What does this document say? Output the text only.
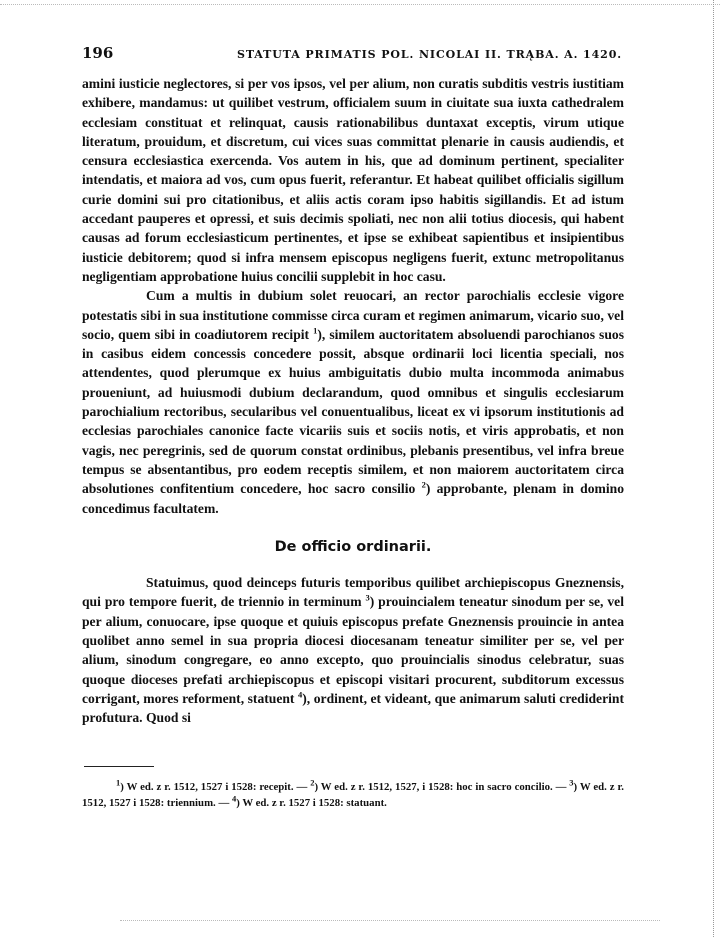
196	STATUTA PRIMATIS POL. NICOLAI II. TRĄBA. A. 1420.

amini iusticie neglectores, si per vos ipsos, vel per alium, non curatis subditis vestris iustitiam exhibere, mandamus: ut quilibet vestrum, officialem suum in ciuitate sua iuxta cathedralem ecclesiam constituat et relinquat, causis rationabilibus duntaxat exceptis, virum utique literatum, prouidum, et discretum, cui vices suas committat plenarie in causis audiendis, et censura ecclesiastica exercenda. Vos autem in his, que ad dominum pertinent, specialiter intendatis, et maiora ad vos, cum opus fuerit, referantur. Et habeat quilibet officialis sigillum curie domini sui pro citationibus, et aliis actis coram ipso habitis sigillandis. Et ad istum accedant pauperes et opressi, et suis decimis spoliati, nec non alii totius diocesis, qui habent causas ad forum ecclesiasticum pertinentes, et ipse se exhibeat sapientibus et insipientibus iusticie debitorem; quod si infra mensem episcopus negligens fuerit, extunc metropolitanus negligentiam approbatione huius concilii supplebit in hoc casu.

Cum a multis in dubium solet reuocari, an rector parochialis ecclesie vigore potestatis sibi in sua institutione commisse circa curam et regimen animarum, vicario suo, vel socio, quem sibi in coadiutorem recipit $^1$), similem auctoritatem absoluendi parochianos suos in casibus eidem concessis concedere possit, absque ordinarii loci licentia speciali, nos attendentes, quod plerumque ex huius ambiguitatis dubio multa incommoda animabus proueniunt, ad huiusmodi dubium declarandum, quod omnibus et singulis ecclesiarum parochialium rectoribus, secularibus vel conuentualibus, liceat ex vi ipsorum institutionis ad ecclesias parochiales canonice facte vicariis suis et sociis notis, et viris approbatis, et non vagis, nec peregrinis, sed de quorum constat ordinibus, plebanis presentibus, vel infra breue tempus se absentantibus, pro eodem receptis similem, et non maiorem auctoritatem circa absolutiones confitentium concedere, hoc sacro consilio $^2$) approbante, plenam in domino concedimus facultatem.

De officio ordinarii.

Statuimus, quod deinceps futuris temporibus quilibet archiepiscopus Gneznensis, qui pro tempore fuerit, de triennio in terminum $^3$) prouincialem teneatur sinodum per se, vel per alium, conuocare, ipse quoque et quiuis episcopus prefate Gneznensis prouincie in antea quolibet anno semel in sua propria diocesi diocesanam teneatur similiter per se, vel per alium, sinodum congregare, eo anno excepto, quo prouincialis sinodus celebratur, suas quoque dioceses prefati archiepiscopus et episcopi visitari procurent, subditorum excessus corrigant, mores reforment, statuent $^4$), ordinent, et videant, que animarum saluti crediderint profutura. Quod si

$^1$) W ed. z r. 1512, 1527 i 1528: recepit. — $^2$) W ed. z r. 1512, 1527, i 1528: hoc in sacro concilio. — $^3$) W ed. z r. 1512, 1527 i 1528: triennium. — $^4$) W ed. z r. 1527 i 1528: statuant.
